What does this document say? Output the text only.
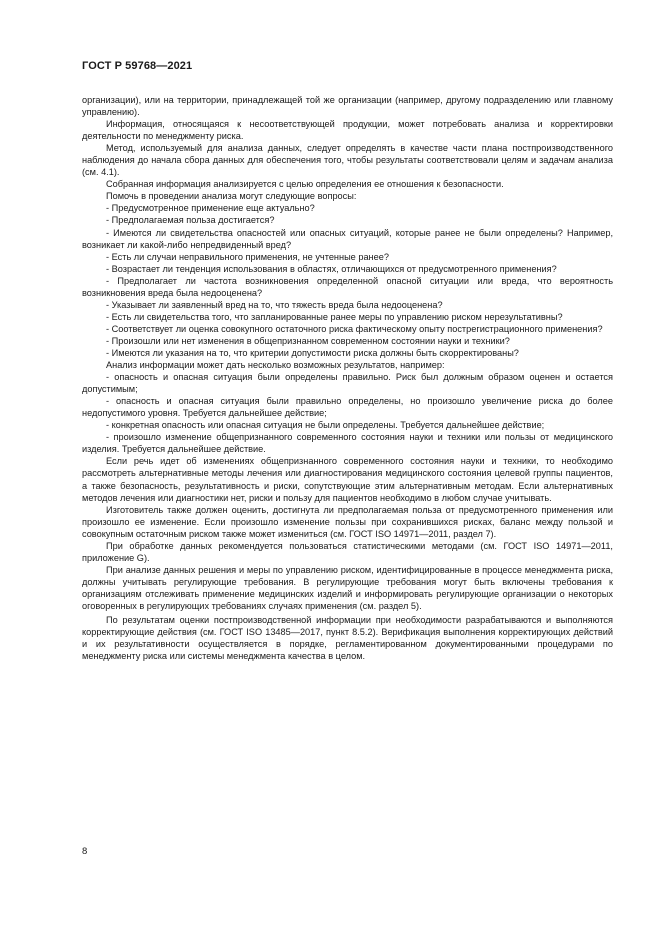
ГОСТ Р 59768—2021

организации), или на территории, принадлежащей той же организации (например, другому подразделению или главному управлению).

Информация, относящаяся к несоответствующей продукции, может потребовать анализа и корректировки деятельности по менеджменту риска.

Метод, используемый для анализа данных, следует определять в качестве части плана постпроизводственного наблюдения до начала сбора данных для обеспечения того, чтобы результаты соответствовали целям и задачам анализа (см. 4.1).

Собранная информация анализируется с целью определения ее отношения к безопасности.

Помочь в проведении анализа могут следующие вопросы:

- Предусмотренное применение еще актуально?

- Предполагаемая польза достигается?

- Имеются ли свидетельства опасностей или опасных ситуаций, которые ранее не были определены? Например, возникает ли какой-либо непредвиденный вред?

- Есть ли случаи неправильного применения, не учтенные ранее?

- Возрастает ли тенденция использования в областях, отличающихся от предусмотренного применения?

- Предполагает ли частота возникновения определенной опасной ситуации или вреда, что вероятность возникновения вреда была недооценена?

- Указывает ли заявленный вред на то, что тяжесть вреда была недооценена?

- Есть ли свидетельства того, что запланированные ранее меры по управлению риском нерезультативны?

- Соответствует ли оценка совокупного остаточного риска фактическому опыту пострегистрационного применения?

- Произошли или нет изменения в общепризнанном современном состоянии науки и техники?

- Имеются ли указания на то, что критерии допустимости риска должны быть скорректированы?

Анализ информации может дать несколько возможных результатов, например:

- опасность и опасная ситуация были определены правильно. Риск был должным образом оценен и остается допустимым;

- опасность и опасная ситуация были правильно определены, но произошло увеличение риска до более недопустимого уровня. Требуется дальнейшее действие;

- конкретная опасность или опасная ситуация не были определены. Требуется дальнейшее действие;

- произошло изменение общепризнанного современного состояния науки и техники или пользы от медицинского изделия. Требуется дальнейшее действие.

Если речь идет об изменениях общепризнанного современного состояния науки и техники, то необходимо рассмотреть альтернативные методы лечения или диагностирования медицинского состояния целевой группы пациентов, а также безопасность, результативность и риски, сопутствующие этим альтернативным методам. Если альтернативных методов лечения или диагностики нет, риски и пользу для пациентов необходимо в любом случае учитывать.

Изготовитель также должен оценить, достигнута ли предполагаемая польза от предусмотренного применения или произошло ее изменение. Если произошло изменение пользы при сохранившихся рисках, баланс между пользой и совокупным остаточным риском также может измениться (см. ГОСТ ISO 14971—2011, раздел 7).

При обработке данных рекомендуется пользоваться статистическими методами (см. ГОСТ ISO 14971—2011, приложение G).

При анализе данных решения и меры по управлению риском, идентифицированные в процессе менеджмента риска, должны учитывать регулирующие требования. В регулирующие требования могут быть включены требования к организациям отслеживать применение медицинских изделий и информировать регулирующие организации о некоторых оговоренных в регулирующих требованиях случаях применения (см. раздел 5).

По результатам оценки постпроизводственной информации при необходимости разрабатываются и выполняются корректирующие действия (см. ГОСТ ISO 13485—2017, пункт 8.5.2). Верификация выполнения корректирующих действий и их результативности осуществляется в порядке, регламентированном документированными процедурами по менеджменту риска или системы менеджмента качества в целом.

8
